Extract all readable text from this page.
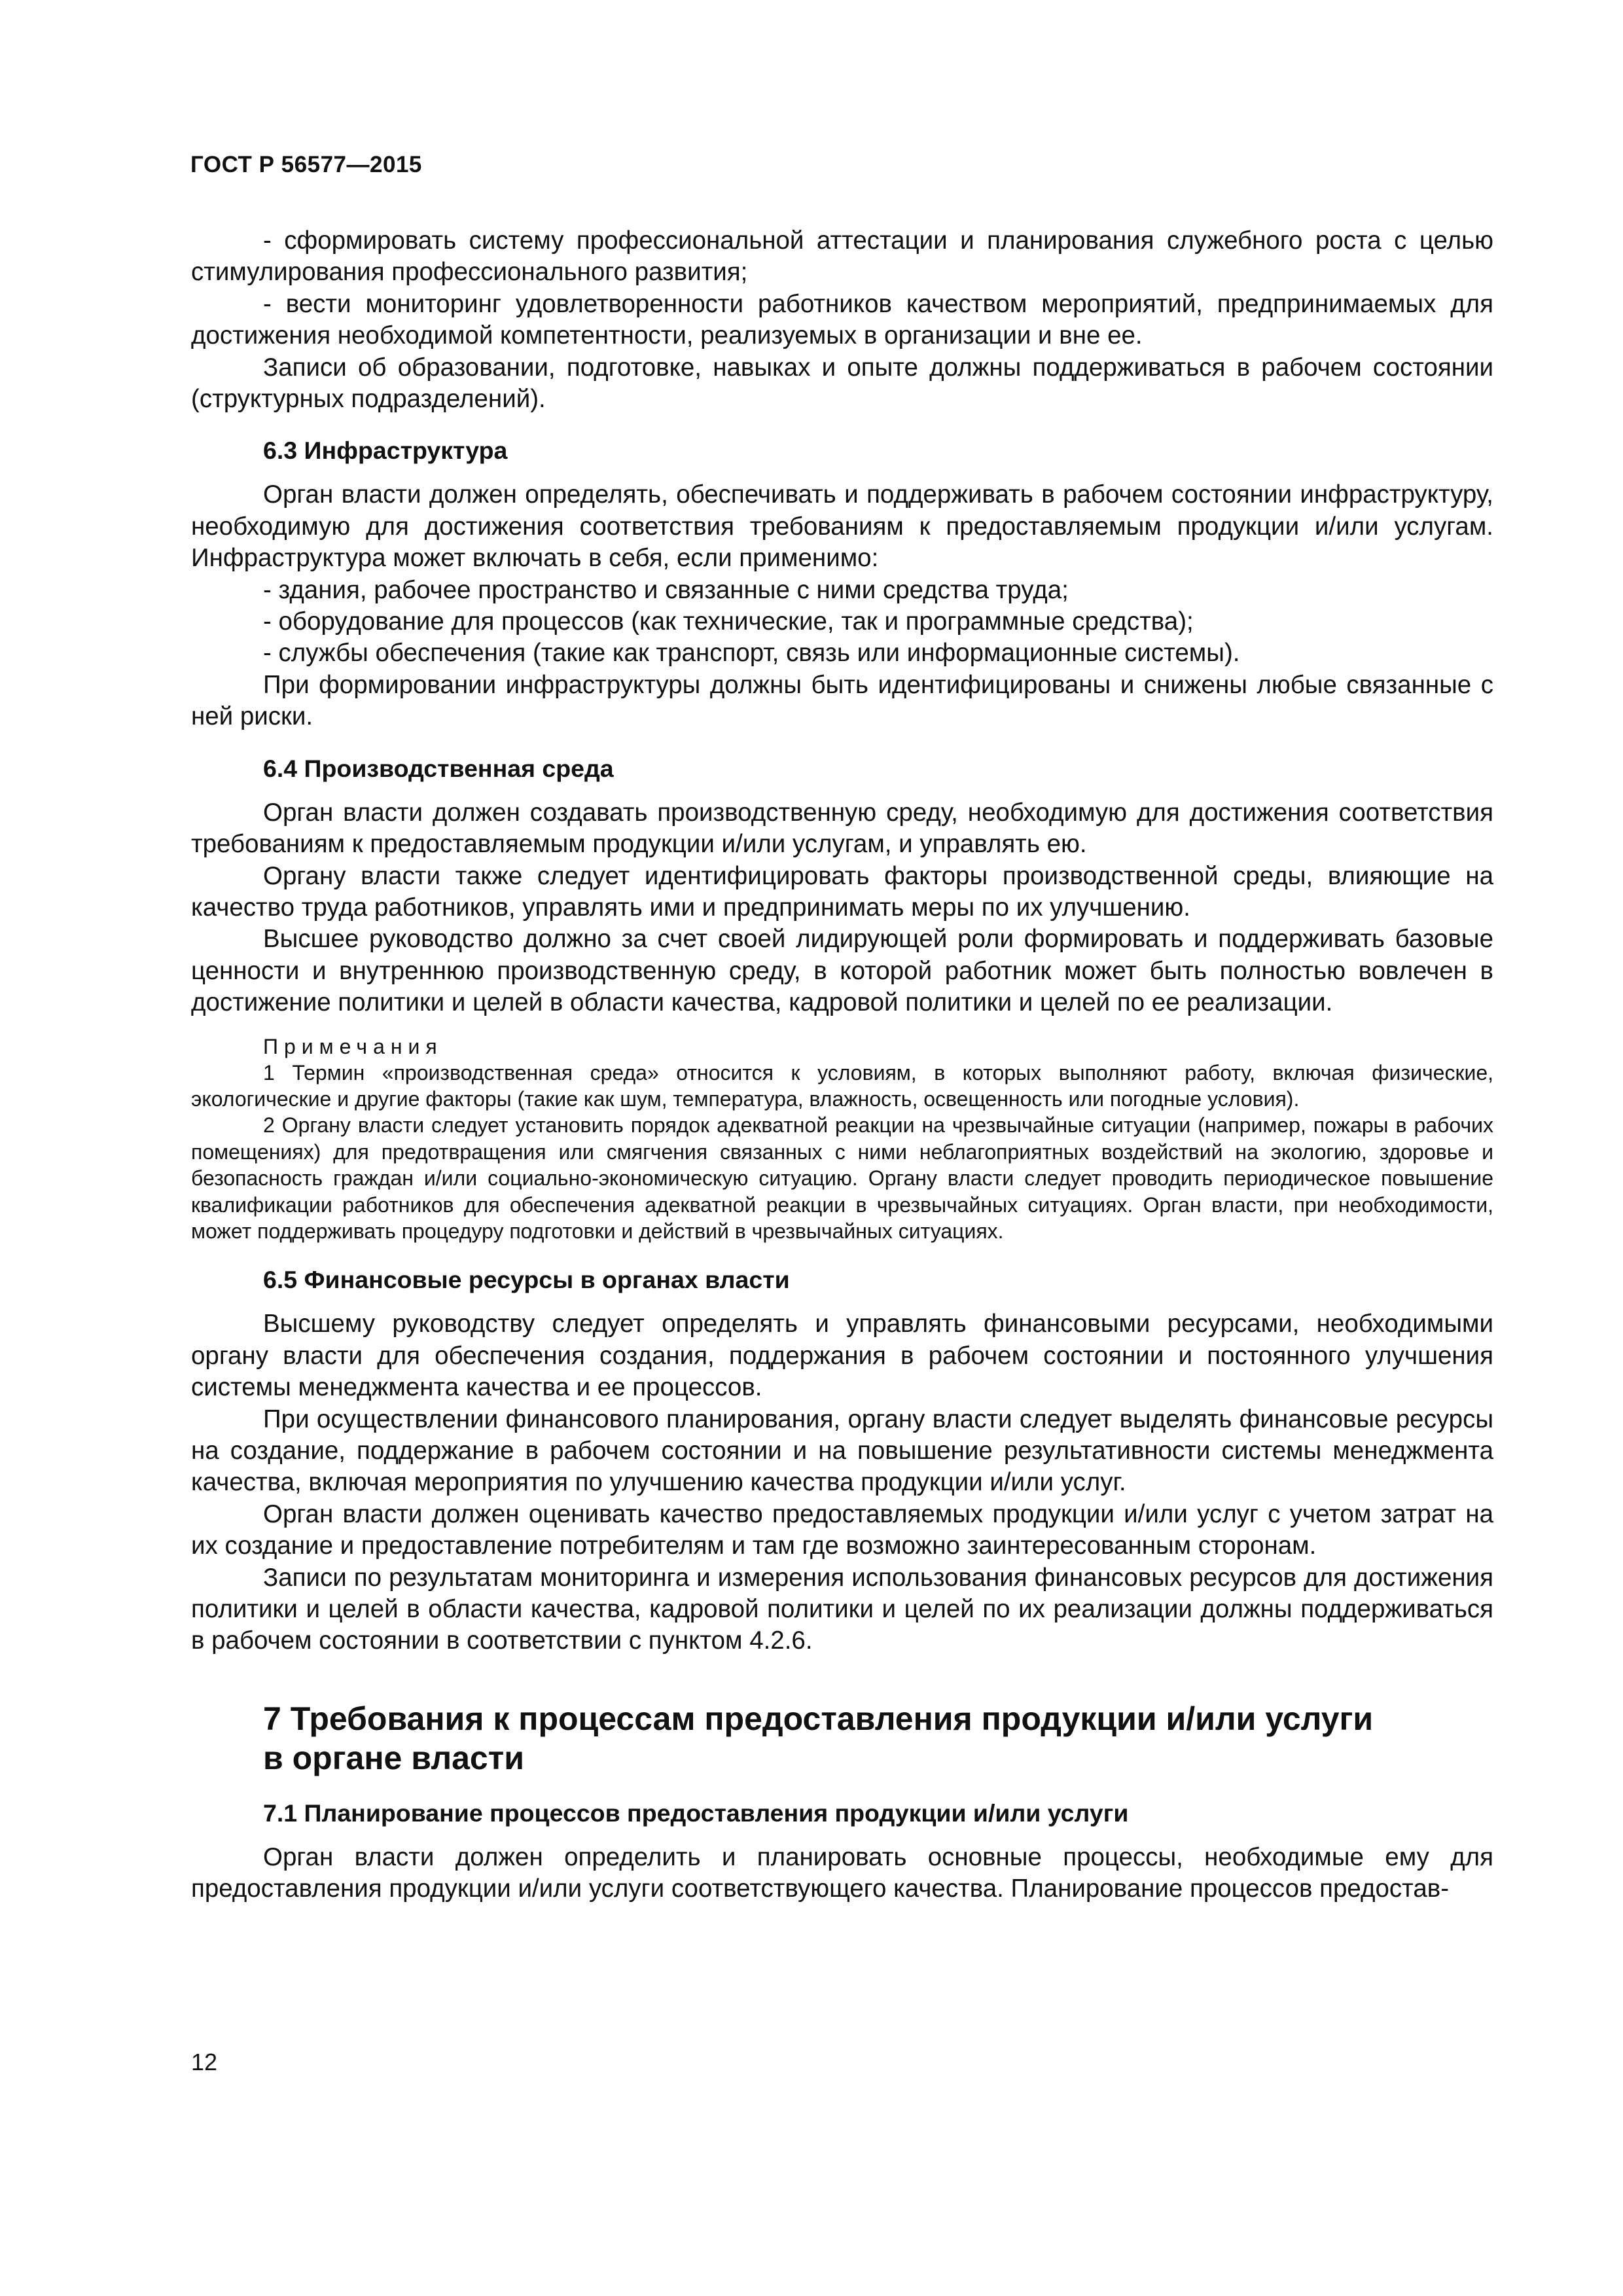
ГОСТ Р 56577—2015

- сформировать систему профессиональной аттестации и планирования служебного роста с целью стимулирования профессионального развития;

- вести мониторинг удовлетворенности работников качеством мероприятий, предпринимаемых для достижения необходимой компетентности, реализуемых в организации и вне ее.

Записи об образовании, подготовке, навыках и опыте должны поддерживаться в рабочем состоянии (структурных подразделений).

6.3 Инфраструктура

Орган власти должен определять, обеспечивать и поддерживать в рабочем состоянии инфраструктуру, необходимую для достижения соответствия требованиям к предоставляемым продукции и/или услугам. Инфраструктура может включать в себя, если применимо:

- здания, рабочее пространство и связанные с ними средства труда;

- оборудование для процессов (как технические, так и программные средства);

- службы обеспечения (такие как транспорт, связь или информационные системы).

При формировании инфраструктуры должны быть идентифицированы и снижены любые связанные с ней риски.

6.4 Производственная среда

Орган власти должен создавать производственную среду, необходимую для достижения соответствия требованиям к предоставляемым продукции и/или услугам, и управлять ею.

Органу власти также следует идентифицировать факторы производственной среды, влияющие на качество труда работников, управлять ими и предпринимать меры по их улучшению.

Высшее руководство должно за счет своей лидирующей роли формировать и поддерживать базовые ценности и внутреннюю производственную среду, в которой работник может быть полностью вовлечен в достижение политики и целей в области качества, кадровой политики и целей по ее реализации.

Примечания

1 Термин «производственная среда» относится к условиям, в которых выполняют работу, включая физические, экологические и другие факторы (такие как шум, температура, влажность, освещенность или погодные условия).

2 Органу власти следует установить порядок адекватной реакции на чрезвычайные ситуации (например, пожары в рабочих помещениях) для предотвращения или смягчения связанных с ними неблагоприятных воздействий на экологию, здоровье и безопасность граждан и/или социально-экономическую ситуацию. Органу власти следует проводить периодическое повышение квалификации работников для обеспечения адекватной реакции в чрезвычайных ситуациях. Орган власти, при необходимости, может поддерживать процедуру подготовки и действий в чрезвычайных ситуациях.

6.5 Финансовые ресурсы в органах власти

Высшему руководству следует определять и управлять финансовыми ресурсами, необходимыми органу власти для обеспечения создания, поддержания в рабочем состоянии и постоянного улучшения системы менеджмента качества и ее процессов.

При осуществлении финансового планирования, органу власти следует выделять финансовые ресурсы на создание, поддержание в рабочем состоянии и на повышение результативности системы менеджмента качества, включая мероприятия по улучшению качества продукции и/или услуг.

Орган власти должен оценивать качество предоставляемых продукции и/или услуг с учетом затрат на их создание и предоставление потребителям и там где возможно заинтересованным сторонам.

Записи по результатам мониторинга и измерения использования финансовых ресурсов для достижения политики и целей в области качества, кадровой политики и целей по их реализации должны поддерживаться в рабочем состоянии в соответствии с пунктом 4.2.6.

7 Требования к процессам предоставления продукции и/или услуги
в органе власти
7.1 Планирование процессов предоставления продукции и/или услуги

Орган власти должен определить и планировать основные процессы, необходимые ему для предоставления продукции и/или услуги соответствующего качества. Планирование процессов предостав-

12
